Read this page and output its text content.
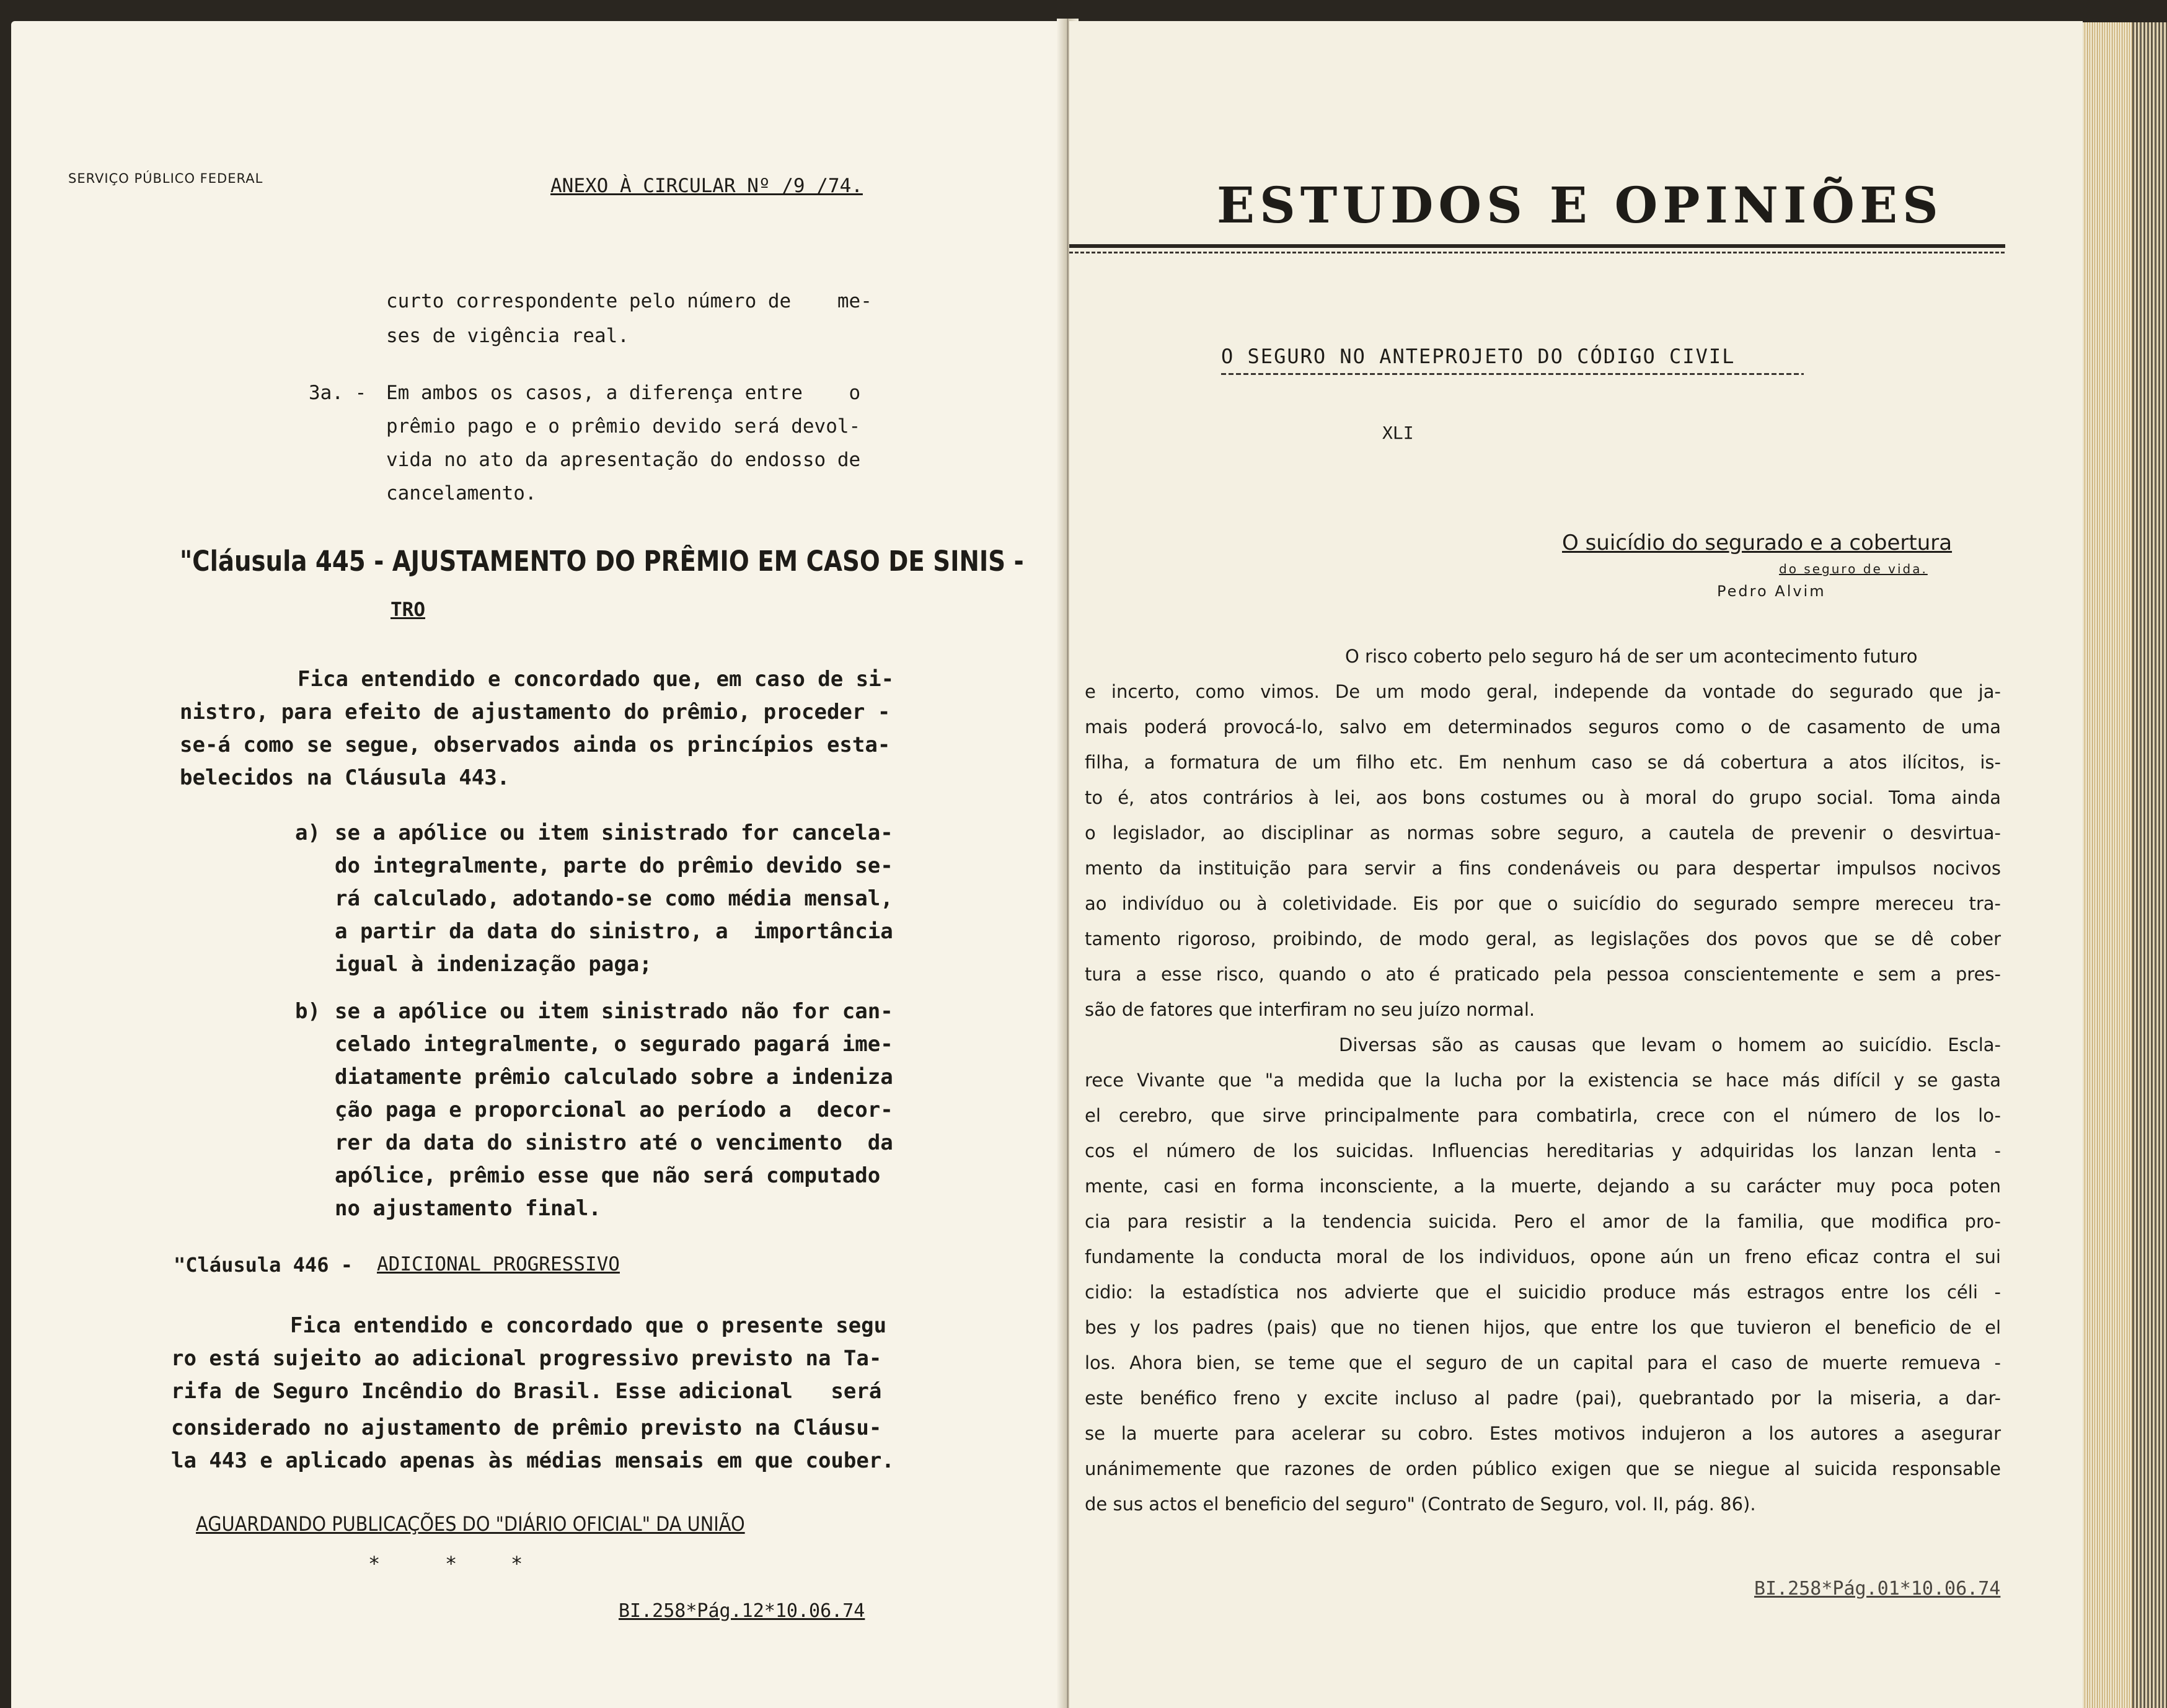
SERVIÇO PÚBLICO FEDERAL	ANEXO À CIRCULAR Nº /9 /74.
curto correspondente pelo número de    me-
ses de vigência real.
3a. - Em ambos os casos, a diferença entre    o
prêmio pago e o prêmio devido será devol-
vida no ato da apresentação do endosso de
cancelamento.
"Cláusula 445 - AJUSTAMENTO DO PRÊMIO EM CASO DE SINIS -
TRO
Fica entendido e concordado que, em caso de si-
nistro, para efeito de ajustamento do prêmio, proceder -
se-á como se segue, observados ainda os princípios esta-
belecidos na Cláusula 443.
a) se a apólice ou item sinistrado for cancela-
do integralmente, parte do prêmio devido se-
rá calculado, adotando-se como média mensal,
a partir da data do sinistro, a  importância
igual à indenização paga;
b) se a apólice ou item sinistrado não for can-
celado integralmente, o segurado pagará ime-
diatamente prêmio calculado sobre a indeniza
ção paga e proporcional ao período a  decor-
rer da data do sinistro até o vencimento  da
apólice, prêmio esse que não será computado
no ajustamento final.
"Cláusula 446 - ADICIONAL PROGRESSIVO
Fica entendido e concordado que o presente segu
ro está sujeito ao adicional progressivo previsto na Ta-
rifa de Seguro Incêndio do Brasil. Esse adicional   será
considerado no ajustamento de prêmio previsto na Cláusu-
la 443 e aplicado apenas às médias mensais em que couber.
AGUARDANDO PUBLICAÇÕES DO "DIÁRIO OFICIAL" DA UNIÃO
*	*	*
BI.258*Pág.12*10.06.74
ESTUDOS E OPINIÕES
O SEGURO NO ANTEPROJETO DO CÓDIGO CIVIL
XLI
O suicídio do segurado e a cobertura
do seguro de vida.
Pedro Alvim
O risco coberto pelo seguro há de ser um acontecimento futuro
e incerto, como vimos. De um modo geral, independe da vontade do segurado que ja-
mais poderá provocá-lo, salvo em determinados seguros como o de casamento de uma
filha, a formatura de um filho etc. Em nenhum caso se dá cobertura a atos ilícitos, is-
to é, atos contrários à lei, aos bons costumes ou à moral do grupo social. Toma ainda
o legislador, ao disciplinar as normas sobre seguro, a cautela de prevenir o desvirtua-
mento da instituição para servir a fins condenáveis ou para despertar impulsos nocivos
ao indivíduo ou à coletividade. Eis por que o suicídio do segurado sempre mereceu tra-
tamento rigoroso, proibindo, de modo geral, as legislações dos povos que se dê cober
tura a esse risco, quando o ato é praticado pela pessoa conscientemente e sem a pres-
são de fatores que interfiram no seu juízo normal.
Diversas são as causas que levam o homem ao suicídio. Escla-
rece Vivante que "a medida que la lucha por la existencia se hace más difícil y se gasta
el cerebro, que sirve principalmente para combatirla, crece con el número de los lo-
cos el número de los suicidas. Influencias hereditarias y adquiridas los lanzan lenta -
mente, casi en forma inconsciente, a la muerte, dejando a su carácter muy poca poten
cia para resistir a la tendencia suicida. Pero el amor de la familia, que modifica pro-
fundamente la conducta moral de los individuos, opone aún un freno eficaz contra el sui
cidio: la estadística nos advierte que el suicidio produce más estragos entre los céli -
bes y los padres (pais) que no tienen hijos, que entre los que tuvieron el beneficio de el
los. Ahora bien, se teme que el seguro de un capital para el caso de muerte remueva -
este benéfico freno y excite incluso al padre (pai), quebrantado por la miseria, a dar-
se la muerte para acelerar su cobro. Estes motivos indujeron a los autores a asegurar
unánimemente que razones de orden público exigen que se niegue al suicida responsable
de sus actos el beneficio del seguro" (Contrato de Seguro, vol. II, pág. 86).
BI.258*Pág.01*10.06.74
